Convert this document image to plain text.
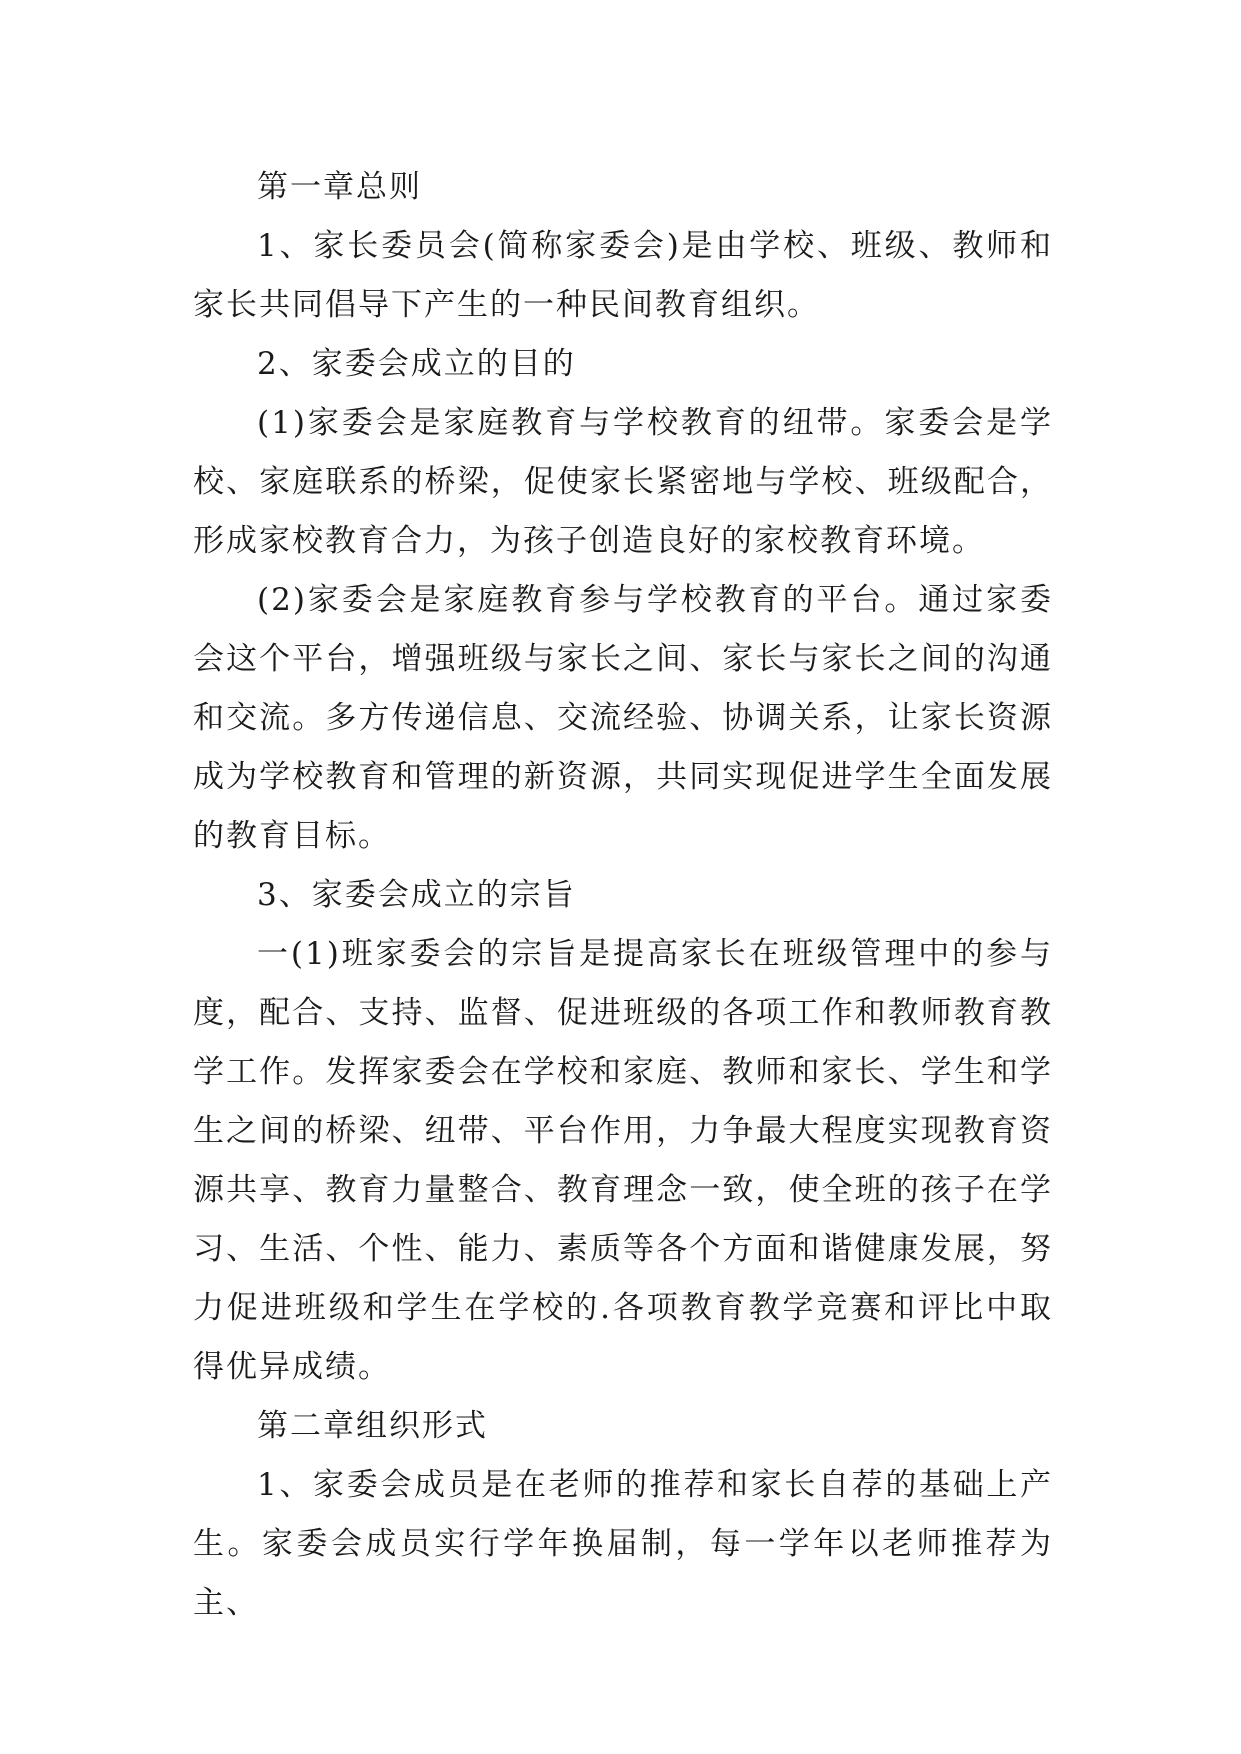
第一章总则

1、家长委员会(简称家委会)是由学校、班级、教师和家长共同倡导下产生的一种民间教育组织。

2、家委会成立的目的

(1)家委会是家庭教育与学校教育的纽带。家委会是学校、家庭联系的桥梁，促使家长紧密地与学校、班级配合，形成家校教育合力，为孩子创造良好的家校教育环境。

(2)家委会是家庭教育参与学校教育的平台。通过家委会这个平台，增强班级与家长之间、家长与家长之间的沟通和交流。多方传递信息、交流经验、协调关系，让家长资源成为学校教育和管理的新资源，共同实现促进学生全面发展的教育目标。

3、家委会成立的宗旨

一(1)班家委会的宗旨是提高家长在班级管理中的参与度，配合、支持、监督、促进班级的各项工作和教师教育教学工作。发挥家委会在学校和家庭、教师和家长、学生和学生之间的桥梁、纽带、平台作用，力争最大程度实现教育资源共享、教育力量整合、教育理念一致，使全班的孩子在学习、生活、个性、能力、素质等各个方面和谐健康发展，努力促进班级和学生在学校的.各项教育教学竞赛和评比中取得优异成绩。

第二章组织形式

1、家委会成员是在老师的推荐和家长自荐的基础上产生。家委会成员实行学年换届制，每一学年以老师推荐为主、
